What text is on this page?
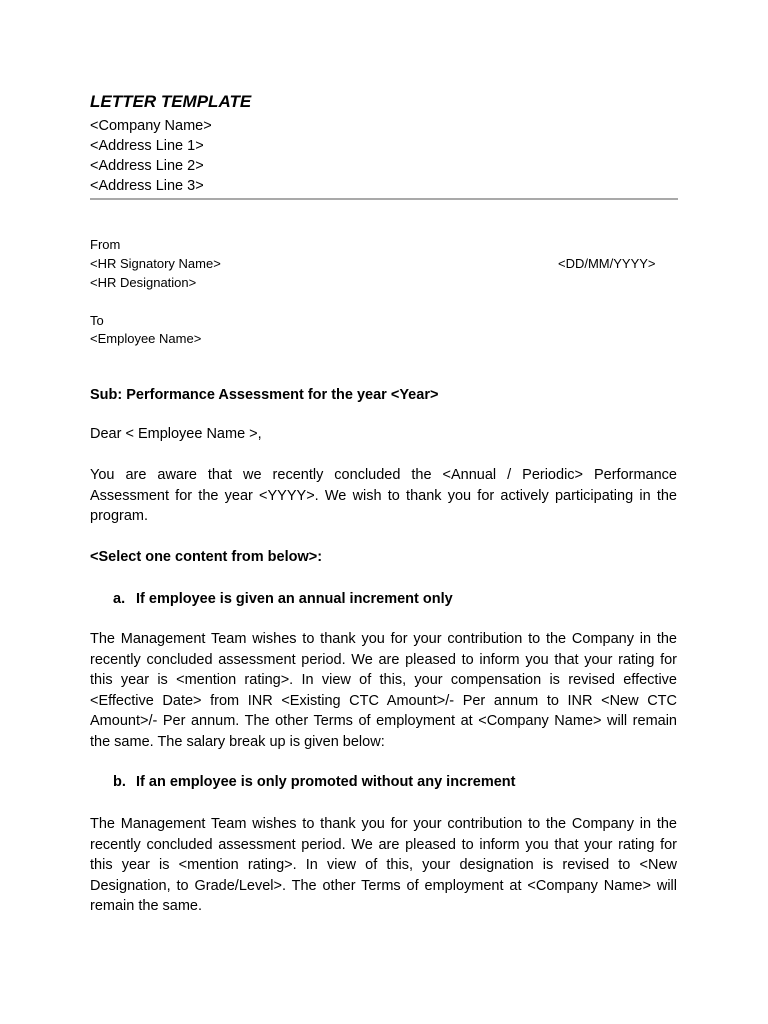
LETTER TEMPLATE
<Company Name>
<Address Line 1>
<Address Line 2>
<Address Line 3>
From
<HR Signatory Name>	<DD/MM/YYYY>
<HR Designation>
To
<Employee Name>
Sub: Performance Assessment for the year <Year>
Dear < Employee Name >,
You are aware that we recently concluded the <Annual / Periodic> Performance Assessment for the year <YYYY>. We wish to thank you for actively participating in the program.
<Select one content from below>:
a. If employee is given an annual increment only
The Management Team wishes to thank you for your contribution to the Company in the recently concluded assessment period. We are pleased to inform you that your rating for this year is <mention rating>. In view of this, your compensation is revised effective <Effective Date> from INR <Existing CTC Amount>/- Per annum to INR <New CTC Amount>/- Per annum. The other Terms of employment at <Company Name> will remain the same. The salary break up is given below:
b. If an employee is only promoted without any increment
The Management Team wishes to thank you for your contribution to the Company in the recently concluded assessment period. We are pleased to inform you that your rating for this year is <mention rating>. In view of this, your designation is revised to <New Designation, to Grade/Level>. The other Terms of employment at <Company Name> will remain the same.
